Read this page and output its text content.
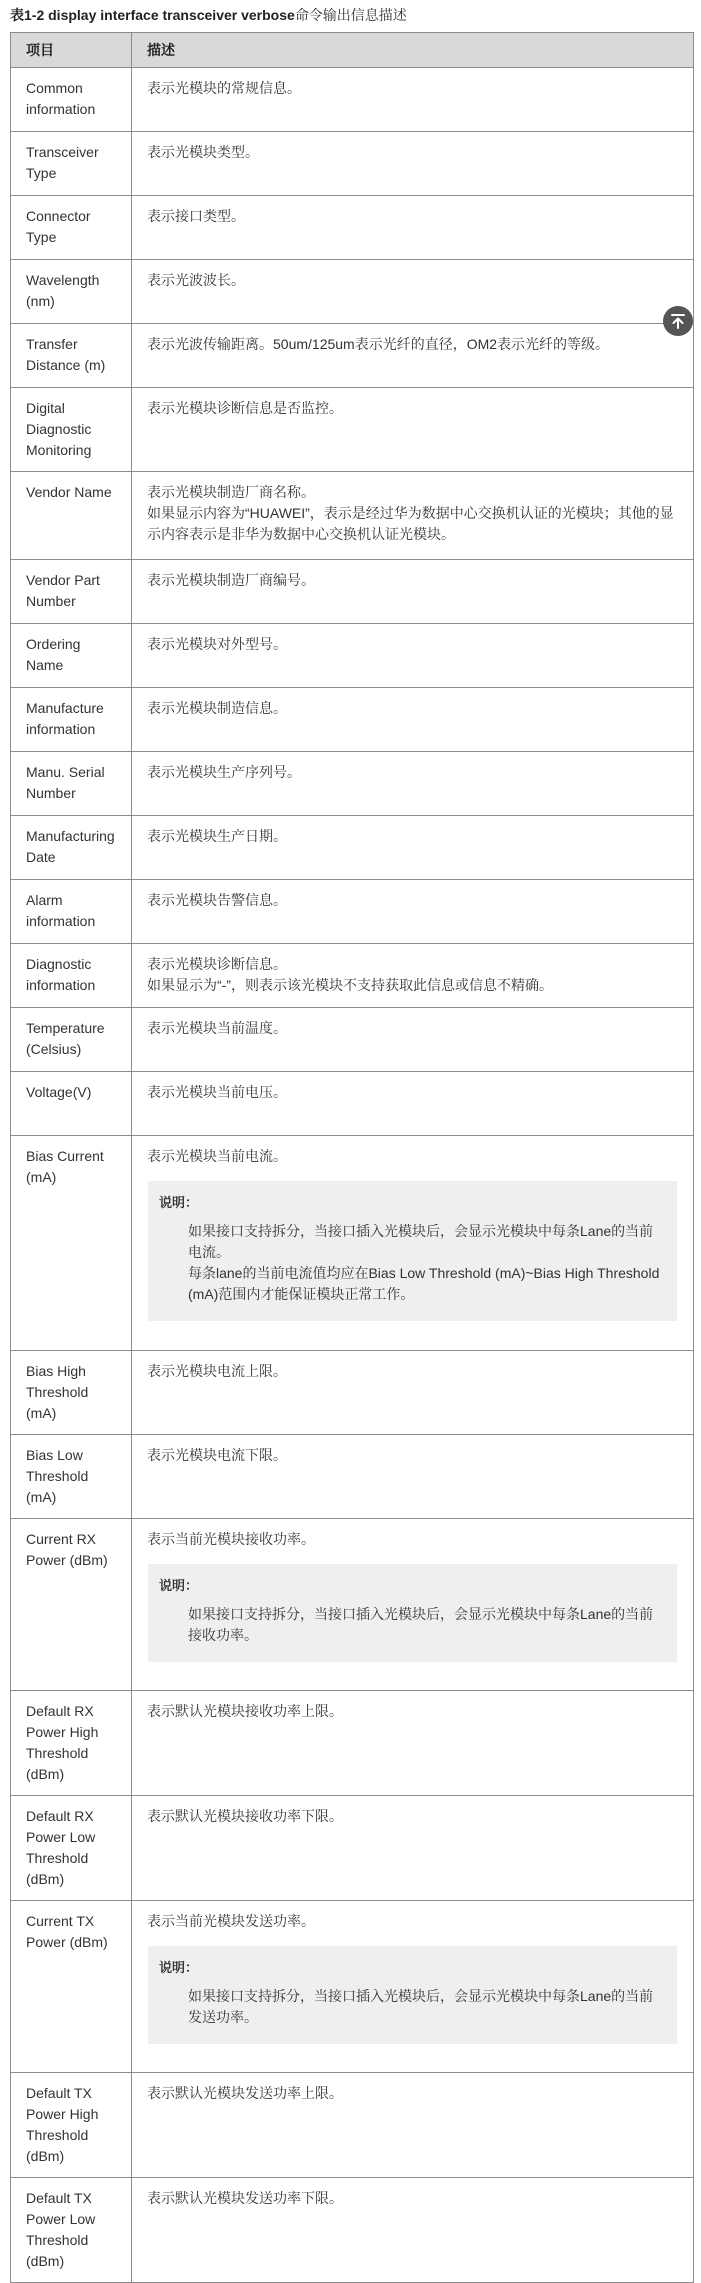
表1-2 display interface transceiver verbose命令输出信息描述
项目	描述
Common information	表示光模块的常规信息。

Transceiver Type	表示光模块类型。

Connector Type	表示接口类型。

Wavelength (nm)	表示光波波长。

Transfer Distance (m)	表示光波传输距离。50um/125um表示光纤的直径，OM2表示光纤的等级。

Digital Diagnostic Monitoring	表示光模块诊断信息是否监控。

Vendor Name	表示光模块制造厂商名称。
如果显示内容为“HUAWEI”，表示是经过华为数据中心交换机认证的光模块；其他的显示内容表示是非华为数据中心交换机认证光模块。

Vendor Part Number	表示光模块制造厂商编号。

Ordering Name	表示光模块对外型号。

Manufacture information	表示光模块制造信息。

Manu. Serial Number	表示光模块生产序列号。

Manufacturing Date	表示光模块生产日期。

Alarm information	表示光模块告警信息。

Diagnostic information	表示光模块诊断信息。
如果显示为“-”，则表示该光模块不支持获取此信息或信息不精确。

Temperature (Celsius)	表示光模块当前温度。

Voltage(V)	表示光模块当前电压。

Bias Current (mA)	表示光模块当前电流。
说明：
如果接口支持拆分，当接口插入光模块后，会显示光模块中每条Lane的当前电流。
每条lane的当前电流值均应在Bias Low Threshold (mA)~Bias High Threshold (mA)范围内才能保证模块正常工作。

Bias High Threshold (mA)	表示光模块电流上限。

Bias Low Threshold (mA)	表示光模块电流下限。

Current RX Power (dBm)	表示当前光模块接收功率。
说明：
如果接口支持拆分，当接口插入光模块后，会显示光模块中每条Lane的当前接收功率。

Default RX Power High Threshold (dBm)	表示默认光模块接收功率上限。

Default RX Power Low Threshold (dBm)	表示默认光模块接收功率下限。

Current TX Power (dBm)	表示当前光模块发送功率。
说明：
如果接口支持拆分，当接口插入光模块后，会显示光模块中每条Lane的当前发送功率。

Default TX Power High Threshold (dBm)	表示默认光模块发送功率上限。

Default TX Power Low Threshold (dBm)	表示默认光模块发送功率下限。
